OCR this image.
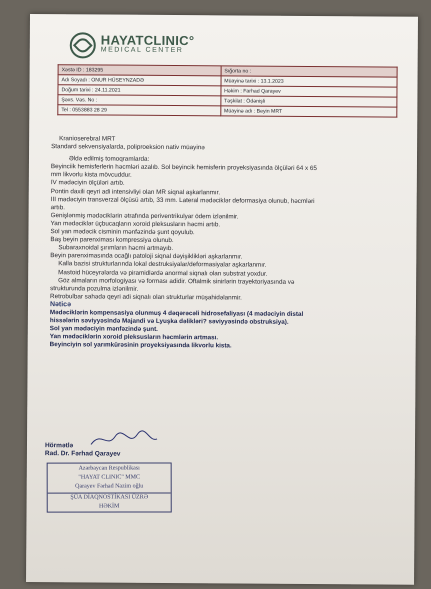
HAYATCLINIC°
MEDICAL CENTER
Xəstə ID : 183295	Sığorta no :
Adı Soyadı : ONUR HÜSEYNZADƏ	Müayinə tarixi : 13.1.2023
Doğum tarixi : 24.11.2021	Həkim : Farhad Qarayev
Şəxs. Vəs. No :	Təşkilat : Ödənişli
Tel : 0553883 28 29	Müayinə adı : Beyin MRT

Kranioserebral MRT

Standard sekvensiyalarda, poliproeksion nativ müayinə

Əldə edilmiş tomoqramlarda:

Beyinciik hemisferlerin həcmləri azalıb. Sol beyincik hemisferin proyeksiyasında ölçüləri 64 x 65

mm likvorlu kista mövcuddur.

IV mədəciyin ölçüləri artıb.

Pontin daxili qeyri adi intensivliyi olan MR siqnal aşkarlanmır.

III mədəciyin transverzal ölçüsü artıb, 33 mm. Lateral mədəciklər deformasiya olunub, həcmləri

artıb.

Genişlənmiş mədəciklərin ətrafında periventrikulyar ödem izlənilmir.

Yan mədəciklər üçbucaqların xoroid pleksusların həcmi artıb.

Sol yan mədəcik cisminin mənfəzində şunt qoyulub.

Baş beyin parenximası kompressiya olunub.

Subaraxnoidal şırımların həcmi artmayıb.

Beyin parenximasında ocağlı patoloji siqnal dəyişiklikləri aşkarlanmır.

Kalla bazisi strukturlarında lokal destruksiyalar/deformasiyalar aşkarlanmır.

Mastoid hüceyrələrda və piramidlərdə anormal siqnalı olan substrat yoxdur.

Göz almaların morfologiyası və forması adidir. Oftalmik sinirlərin trayektoriyasında və

strukturunda pozulma izlənilmir.

Retrobulbar sahədə qeyri adi siqnalı olan strukturlar müşahidəlanmir.

Nəticə

Mədəciklərin kompensasiya olunmuş 4 dəqərəcəli hidrosefaliyası (4 mədəciyin distal

hissələrin səviyyəsində Majandi və Lyuşka dəlikləri? səviyyəsində obstruksiya).

Sol yan mədəciyin mənfəzində şunt.

Yan mədəciklərin xoroid pleksusların həcmlərin artması.

Beyinciyin sol yarımkürəsinin proyeksiyasında likvorlu kista.

Hörmətlə
Rad. Dr. Fərhad Qarayev
Azərbaycan Respublikası
"HAYAT CLINIC" MMC
Qarayev Fərhad Nazim oğlu
ŞÜA DİAQNOSTİKASI ÜZRƏ
HƏKİM
